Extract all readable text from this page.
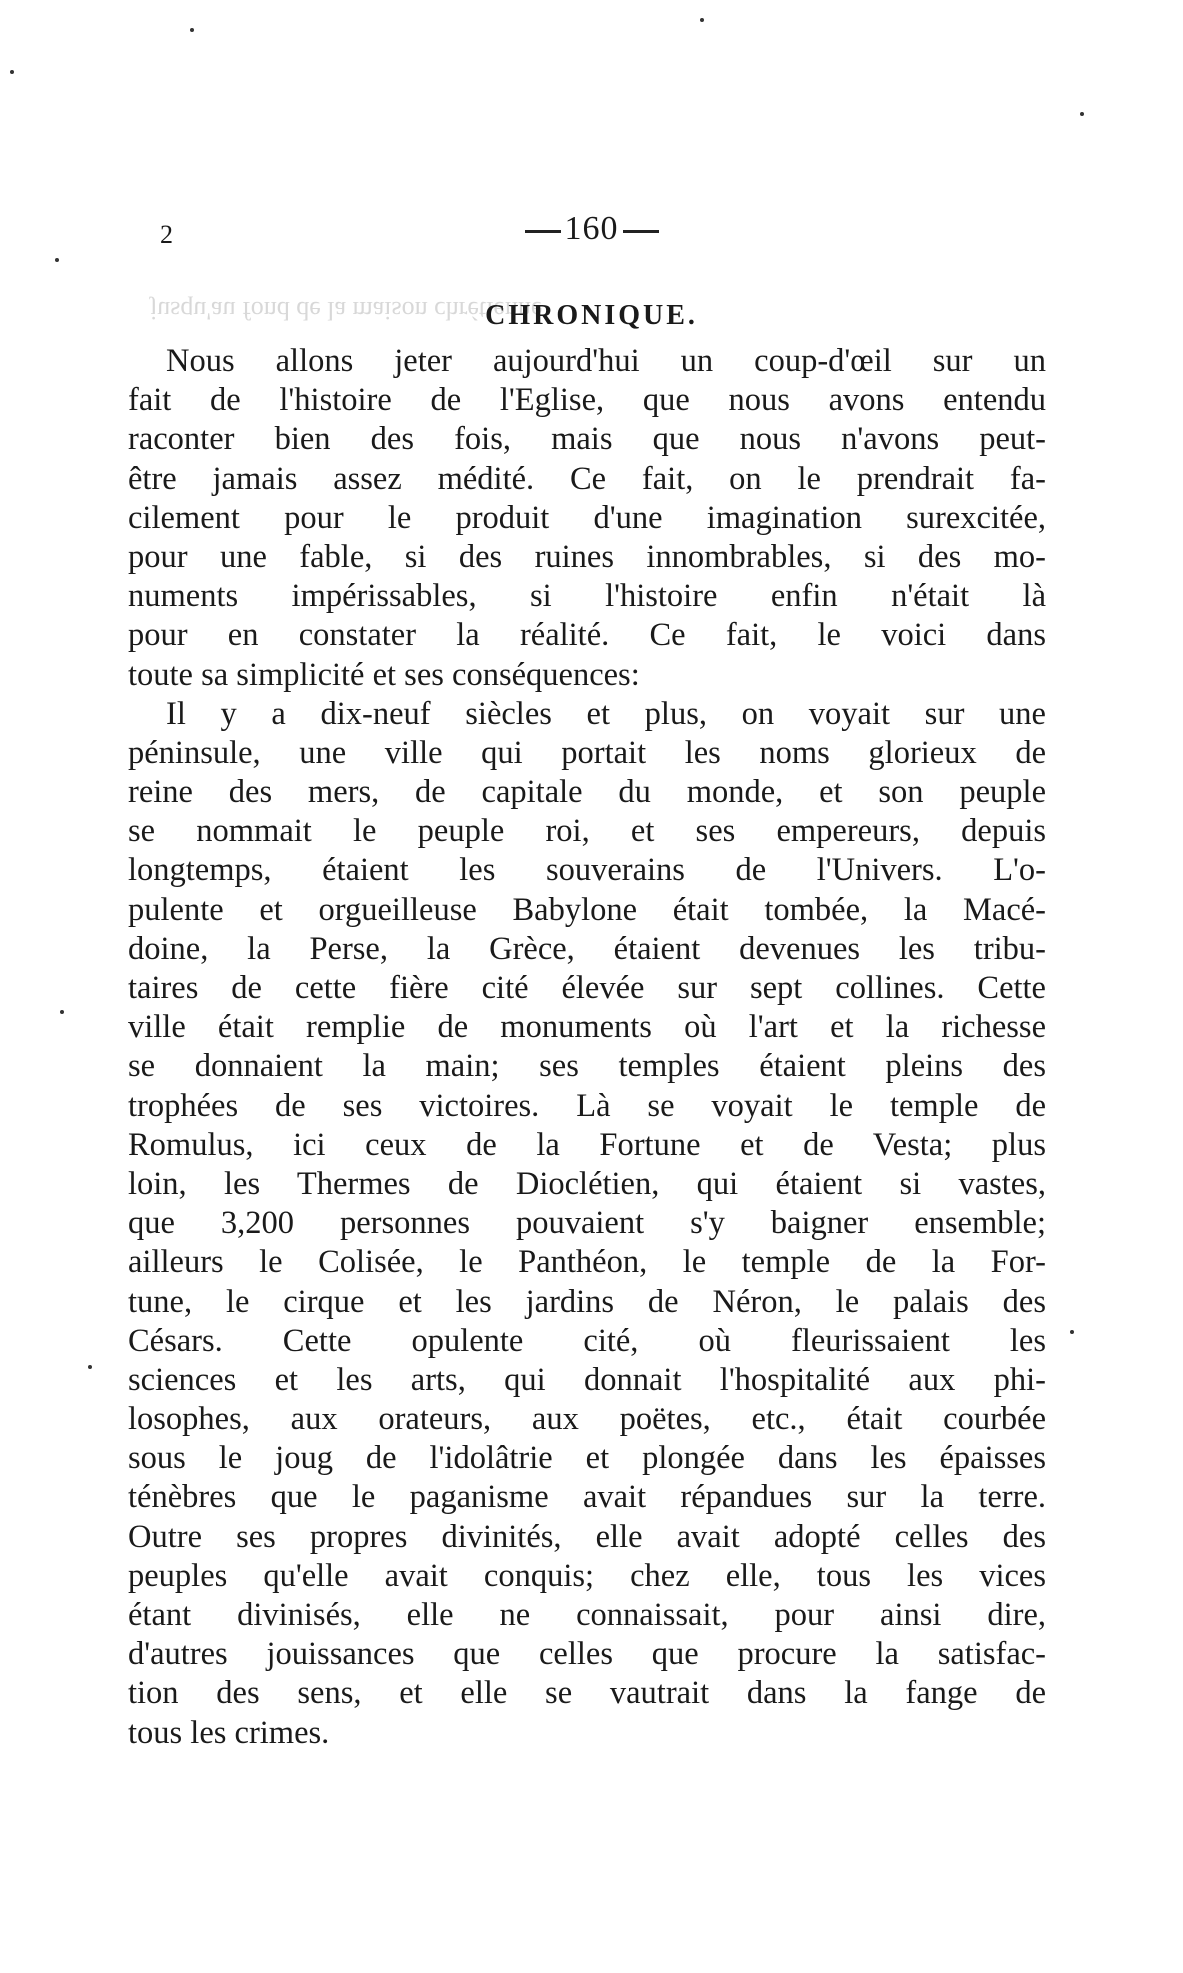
2	160
jusqu'au fond de la maison chrétienne
CHRONIQUE.
Nous allons jeter aujourd'hui un coup-d'œil sur un
fait de l'histoire de l'Eglise, que nous avons entendu
raconter bien des fois, mais que nous n'avons peut-
être jamais assez médité. Ce fait, on le prendrait fa-
cilement pour le produit d'une imagination surexcitée,
pour une fable, si des ruines innombrables, si des mo-
numents impérissables, si l'histoire enfin n'était là
pour en constater la réalité. Ce fait, le voici dans
toute sa simplicité et ses conséquences:
Il y a dix-neuf siècles et plus, on voyait sur une
péninsule, une ville qui portait les noms glorieux de
reine des mers, de capitale du monde, et son peuple
se nommait le peuple roi, et ses empereurs, depuis
longtemps, étaient les souverains de l'Univers. L'o-
pulente et orgueilleuse Babylone était tombée, la Macé-
doine, la Perse, la Grèce, étaient devenues les tribu-
taires de cette fière cité élevée sur sept collines. Cette
ville était remplie de monuments où l'art et la richesse
se donnaient la main; ses temples étaient pleins des
trophées de ses victoires. Là se voyait le temple de
Romulus, ici ceux de la Fortune et de Vesta; plus
loin, les Thermes de Dioclétien, qui étaient si vastes,
que 3,200 personnes pouvaient s'y baigner ensemble;
ailleurs le Colisée, le Panthéon, le temple de la For-
tune, le cirque et les jardins de Néron, le palais des
Césars. Cette opulente cité, où fleurissaient les
sciences et les arts, qui donnait l'hospitalité aux phi-
losophes, aux orateurs, aux poëtes, etc., était courbée
sous le joug de l'idolâtrie et plongée dans les épaisses
ténèbres que le paganisme avait répandues sur la terre.
Outre ses propres divinités, elle avait adopté celles des
peuples qu'elle avait conquis; chez elle, tous les vices
étant divinisés, elle ne connaissait, pour ainsi dire,
d'autres jouissances que celles que procure la satisfac-
tion des sens, et elle se vautrait dans la fange de
tous les crimes.
